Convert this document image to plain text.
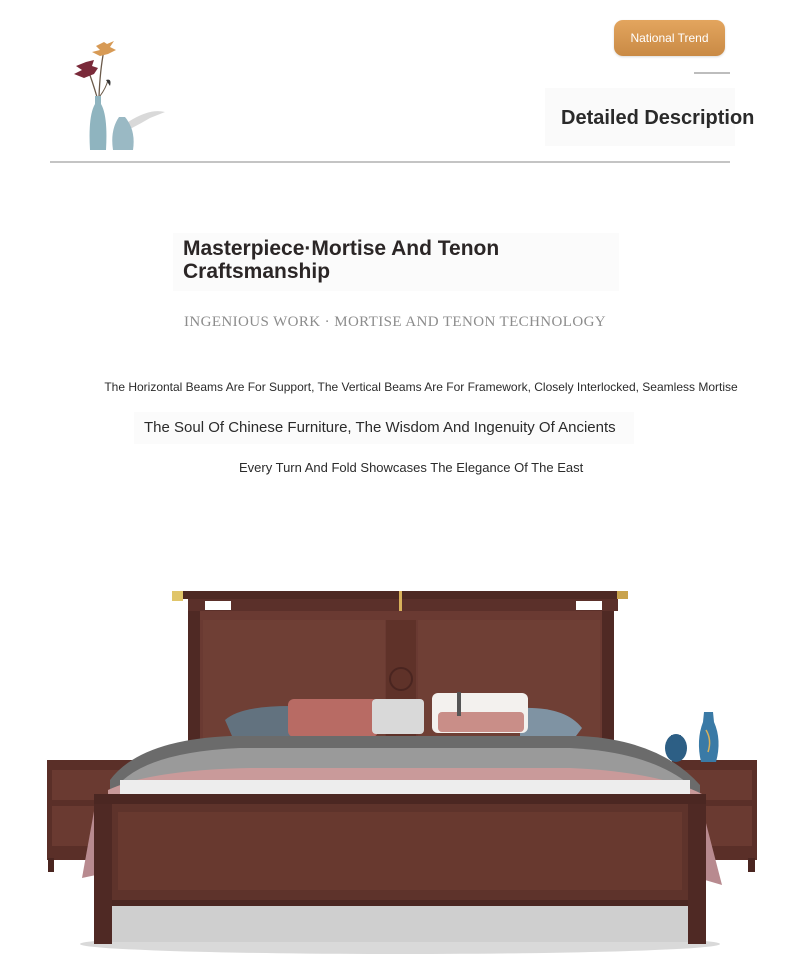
National Trend
Detailed Description
Masterpiece·Mortise And Tenon Craftsmanship
INGENIOUS WORK · MORTISE AND TENON TECHNOLOGY
The Horizontal Beams Are For Support, The Vertical Beams Are For Framework, Closely Interlocked, Seamless Mortise
The Soul Of Chinese Furniture, The Wisdom And Ingenuity Of Ancients
Every Turn And Fold Showcases The Elegance Of The East
